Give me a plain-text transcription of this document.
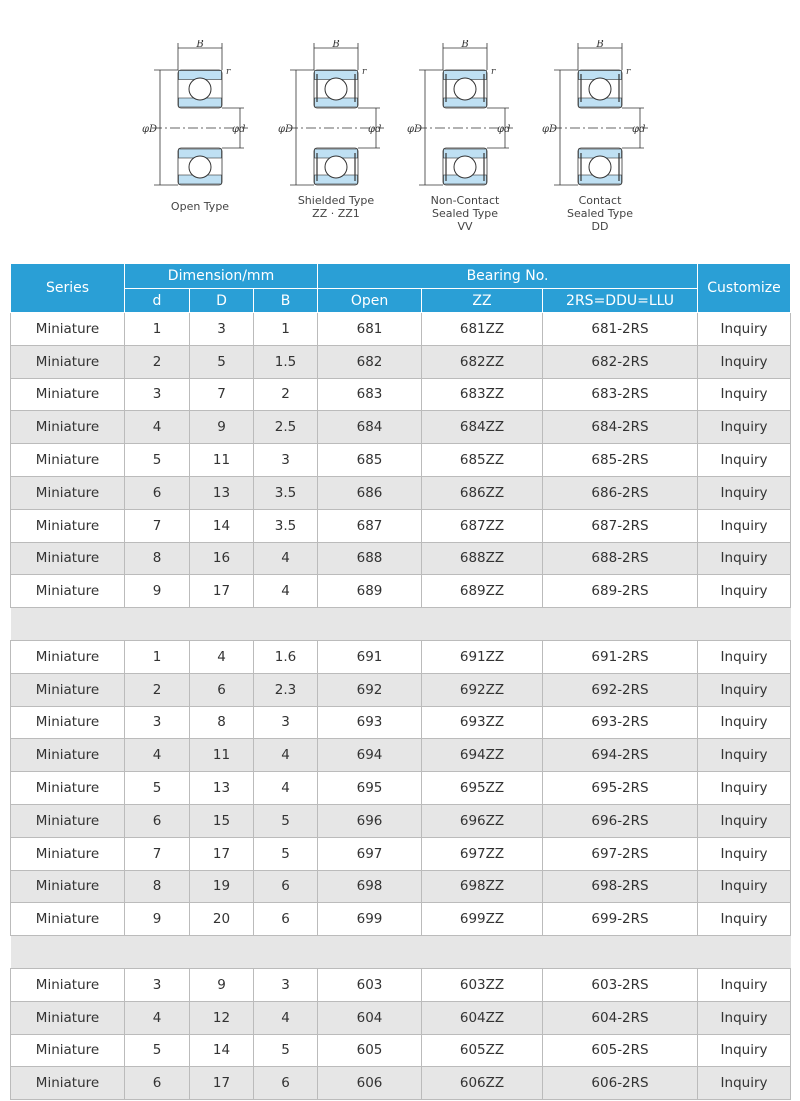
B
φD	φd
r
Open Type
B
φD	φd
r
Shielded Type
ZZ · ZZ1
B
φD	φd
r
Non-Contact
Sealed Type
VV
B
φD	φd
r
Contact
Sealed Type
DD
Series	Dimension/mm			Bearing No.			Customize
	d	D	B	Open	ZZ	2RS=DDU=LLU	
Miniature	1	3	1	681	681ZZ	681-2RS	Inquiry
Miniature	2	5	1.5	682	682ZZ	682-2RS	Inquiry
Miniature	3	7	2	683	683ZZ	683-2RS	Inquiry
Miniature	4	9	2.5	684	684ZZ	684-2RS	Inquiry
Miniature	5	11	3	685	685ZZ	685-2RS	Inquiry
Miniature	6	13	3.5	686	686ZZ	686-2RS	Inquiry
Miniature	7	14	3.5	687	687ZZ	687-2RS	Inquiry
Miniature	8	16	4	688	688ZZ	688-2RS	Inquiry
Miniature	9	17	4	689	689ZZ	689-2RS	Inquiry

Miniature	1	4	1.6	691	691ZZ	691-2RS	Inquiry
Miniature	2	6	2.3	692	692ZZ	692-2RS	Inquiry
Miniature	3	8	3	693	693ZZ	693-2RS	Inquiry
Miniature	4	11	4	694	694ZZ	694-2RS	Inquiry
Miniature	5	13	4	695	695ZZ	695-2RS	Inquiry
Miniature	6	15	5	696	696ZZ	696-2RS	Inquiry
Miniature	7	17	5	697	697ZZ	697-2RS	Inquiry
Miniature	8	19	6	698	698ZZ	698-2RS	Inquiry
Miniature	9	20	6	699	699ZZ	699-2RS	Inquiry

Miniature	3	9	3	603	603ZZ	603-2RS	Inquiry
Miniature	4	12	4	604	604ZZ	604-2RS	Inquiry
Miniature	5	14	5	605	605ZZ	605-2RS	Inquiry
Miniature	6	17	6	606	606ZZ	606-2RS	Inquiry
